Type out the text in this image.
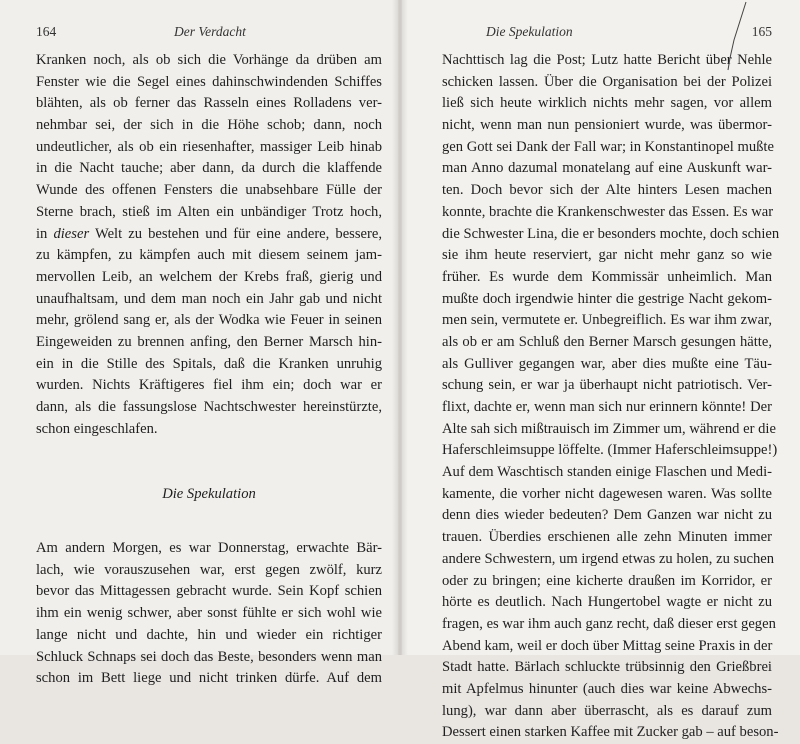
164	Der Verdacht
Kranken noch, als ob sich die Vorhänge da drüben am
Fenster wie die Segel eines dahinschwindenden Schiffes
blähten, als ob ferner das Rasseln eines Rolladens ver-
nehmbar sei, der sich in die Höhe schob; dann, noch
undeutlicher, als ob ein riesenhafter, massiger Leib hinab
in die Nacht tauche; aber dann, da durch die klaffende
Wunde des offenen Fensters die unabsehbare Fülle der
Sterne brach, stieß im Alten ein unbändiger Trotz hoch,
in dieser Welt zu bestehen und für eine andere, bessere,
zu kämpfen, zu kämpfen auch mit diesem seinem jam-
mervollen Leib, an welchem der Krebs fraß, gierig und
unaufhaltsam, und dem man noch ein Jahr gab und nicht
mehr, grölend sang er, als der Wodka wie Feuer in seinen
Eingeweiden zu brennen anfing, den Berner Marsch hin-
ein in die Stille des Spitals, daß die Kranken unruhig
wurden. Nichts Kräftigeres fiel ihm ein; doch war er
dann, als die fassungslose Nachtschwester hereinstürzte,
schon eingeschlafen.
Die Spekulation
Am andern Morgen, es war Donnerstag, erwachte Bär-
lach, wie vorauszusehen war, erst gegen zwölf, kurz
bevor das Mittagessen gebracht wurde. Sein Kopf schien
ihm ein wenig schwer, aber sonst fühlte er sich wohl wie
lange nicht und dachte, hin und wieder ein richtiger
Schluck Schnaps sei doch das Beste, besonders wenn man
schon im Bett liege und nicht trinken dürfe. Auf dem
Die Spekulation	165
Nachttisch lag die Post; Lutz hatte Bericht über Nehle
schicken lassen. Über die Organisation bei der Polizei
ließ sich heute wirklich nichts mehr sagen, vor allem
nicht, wenn man nun pensioniert wurde, was übermor-
gen Gott sei Dank der Fall war; in Konstantinopel mußte
man Anno dazumal monatelang auf eine Auskunft war-
ten. Doch bevor sich der Alte hinters Lesen machen
konnte, brachte die Krankenschwester das Essen. Es war
die Schwester Lina, die er besonders mochte, doch schien
sie ihm heute reserviert, gar nicht mehr ganz so wie
früher. Es wurde dem Kommissär unheimlich. Man
mußte doch irgendwie hinter die gestrige Nacht gekom-
men sein, vermutete er. Unbegreiflich. Es war ihm zwar,
als ob er am Schluß den Berner Marsch gesungen hätte,
als Gulliver gegangen war, aber dies mußte eine Täu-
schung sein, er war ja überhaupt nicht patriotisch. Ver-
flixt, dachte er, wenn man sich nur erinnern könnte! Der
Alte sah sich mißtrauisch im Zimmer um, während er die
Haferschleimsuppe löffelte. (Immer Haferschleimsuppe!)
Auf dem Waschtisch standen einige Flaschen und Medi-
kamente, die vorher nicht dagewesen waren. Was sollte
denn dies wieder bedeuten? Dem Ganzen war nicht zu
trauen. Überdies erschienen alle zehn Minuten immer
andere Schwestern, um irgend etwas zu holen, zu suchen
oder zu bringen; eine kicherte draußen im Korridor, er
hörte es deutlich. Nach Hungertobel wagte er nicht zu
fragen, es war ihm auch ganz recht, daß dieser erst gegen
Abend kam, weil er doch über Mittag seine Praxis in der
Stadt hatte. Bärlach schluckte trübsinnig den Grießbrei
mit Apfelmus hinunter (auch dies war keine Abwechs-
lung), war dann aber überrascht, als es darauf zum
Dessert einen starken Kaffee mit Zucker gab – auf beson-
